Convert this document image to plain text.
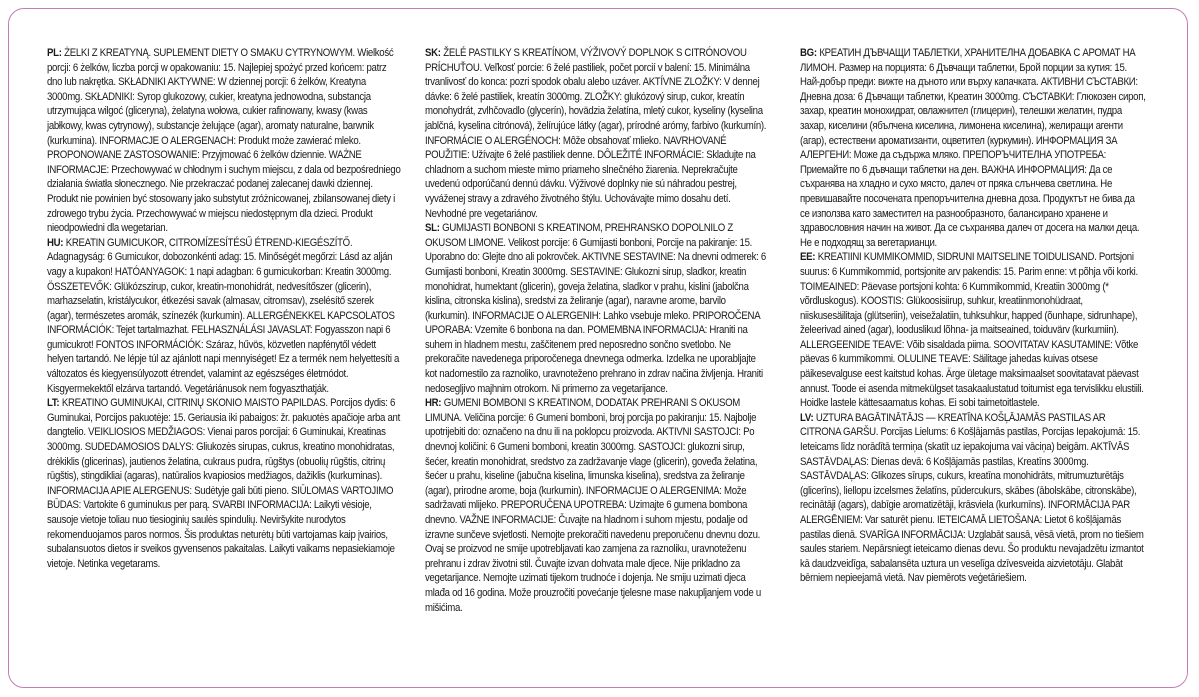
PL: ŻELKI Z KREATYNĄ. SUPLEMENT DIETY O SMAKU CYTRYNOWYM. Wielkość porcji: 6 żelków, liczba porcji w opakowaniu: 15. Najlepiej spożyć przed końcem: patrz dno lub nakrętka. SKŁADNIKI AKTYWNE: W dziennej porcji: 6 żelków, Kreatyna 3000mg. SKŁADNIKI: Syrop glukozowy, cukier, kreatyna jednowodna, substancja utrzymująca wilgoć (gliceryna), żelatyna wołowa, cukier rafinowany, kwasy (kwas jabłkowy, kwas cytrynowy), substancje żelujące (agar), aromaty naturalne, barwnik (kurkumina). INFORMACJE O ALERGENACH: Produkt może zawierać mleko. PROPONOWANE ZASTOSOWANIE: Przyjmować 6 żelków dziennie. WAŻNE INFORMACJE: Przechowywać w chłodnym i suchym miejscu, z dala od bezpośredniego działania światła słonecznego. Nie przekraczać podanej zalecanej dawki dziennej. Produkt nie powinien być stosowany jako substytut zróżnicowanej, zbilansowanej diety i zdrowego trybu życia. Przechowywać w miejscu niedostępnym dla dzieci. Produkt nieodpowiedni dla wegetarian.

HU: KREATIN GUMICUKOR, CITROMÍZESÍTÉSŰ ÉTREND-KIEGÉSZÍTŐ. Adagnagyság: 6 Gumicukor, dobozonkénti adag: 15. Minőségét megőrzi: Lásd az alján vagy a kupakon! HATÓANYAGOK: 1 napi adagban: 6 gumicukorban: Kreatin 3000mg. ÖSSZETEVŐK: Glükózszirup, cukor, kreatin-monohidrát, nedvesítőszer (glicerin), marhazselatin, kristálycukor, étkezési savak (almasav, citromsav), zselésítő szerek (agar), természetes aromák, színezék (kurkumin). ALLERGÉNEKKEL KAPCSOLATOS INFORMÁCIÓK: Tejet tartalmazhat. FELHASZNÁLÁSI JAVASLAT: Fogyasszon napi 6 gumicukrot! FONTOS INFORMÁCIÓK: Száraz, hűvös, közvetlen napfénytől védett helyen tartandó. Ne lépje túl az ajánlott napi mennyiséget! Ez a termék nem helyettesíti a változatos és kiegyensúlyozott étrendet, valamint az egészséges életmódot. Kisgyermekektől elzárva tartandó. Vegetáriánusok nem fogyaszthatják.

LT: KREATINO GUMINUKAI, CITRINŲ SKONIO MAISTO PAPILDAS. Porcijos dydis: 6 Guminukai, Porcijos pakuotėje: 15. Geriausia iki pabaigos: žr. pakuotės apačioje arba ant dangtelio. VEIKLIOSIOS MEDŽIAGOS: Vienai paros porcijai: 6 Guminukai, Kreatinas 3000mg. SUDEDAMOSIOS DALYS: Gliukozės sirupas, cukrus, kreatino monohidratas, drėkiklis (glicerinas), jautienos želatina, cukraus pudra, rūgštys (obuolių rūgštis, citrinų rūgštis), stingdikliai (agaras), natūralios kvapiosios medžiagos, dažiklis (kurkuminas). INFORMACIJA APIE ALERGENUS: Sudėtyje gali būti pieno. SIŪLOMAS VARTOJIMO BŪDAS: Vartokite 6 guminukus per parą. SVARBI INFORMACIJA: Laikyti vėsioje, sausoje vietoje toliau nuo tiesioginių saulės spindulių. Neviršykite nurodytos rekomenduojamos paros normos. Šis produktas neturėtų būti vartojamas kaip įvairios, subalansuotos dietos ir sveikos gyvensenos pakaitalas. Laikyti vaikams nepasiekiamoje vietoje. Netinka vegetarams.

SK: ŽELÉ PASTILKY S KREATÍNOM, VÝŽIVOVÝ DOPLNOK S CITRÓNOVOU PRÍCHUŤOU. Veľkosť porcie: 6 želé pastiliek, počet porcií v balení: 15. Minimálna trvanlivosť do konca: pozri spodok obalu alebo uzáver. AKTÍVNE ZLOŽKY: V dennej dávke: 6 želé pastiliek, kreatín 3000mg. ZLOŽKY: glukózový sirup, cukor, kreatín monohydrát, zvlhčovadlo (glycerín), hovädzia želatína, mletý cukor, kyseliny (kyselina jablčná, kyselina citrónová), želírujúce látky (agar), prírodné arómy, farbivo (kurkumín). INFORMÁCIE O ALERGÉNOCH: Môže obsahovať mlieko. NAVRHOVANÉ POUŽITIE: Užívajte 6 želé pastiliek denne. DÔLEŽITÉ INFORMÁCIE: Skladujte na chladnom a suchom mieste mimo priameho slnečného žiarenia. Neprekračujte uvedenú odporúčanú dennú dávku. Výživové doplnky nie sú náhradou pestrej, vyváženej stravy a zdravého životného štýlu. Uchovávajte mimo dosahu detí. Nevhodné pre vegetariánov.

SL: GUMIJASTI BONBONI S KREATINOM, PREHRANSKO DOPOLNILO Z OKUSOM LIMONE. Velikost porcije: 6 Gumijasti bonboni, Porcije na pakiranje: 15. Uporabno do: Glejte dno ali pokrovček. AKTIVNE SESTAVINE: Na dnevni odmerek: 6 Gumijasti bonboni, Kreatin 3000mg. SESTAVINE: Glukozni sirup, sladkor, kreatin monohidrat, humektant (glicerin), goveja želatina, sladkor v prahu, kislini (jabolčna kislina, citronska kislina), sredstvi za želiranje (agar), naravne arome, barvilo (kurkumin). INFORMACIJE O ALERGENIH: Lahko vsebuje mleko. PRIPOROČENA UPORABA: Vzemite 6 bonbona na dan. POMEMBNA INFORMACIJA: Hraniti na suhem in hladnem mestu, zaščitenem pred neposredno sončno svetlobo. Ne prekoračite navedenega priporočenega dnevnega odmerka. Izdelka ne uporabljajte kot nadomestilo za raznoliko, uravnoteženo prehrano in zdrav načina življenja. Hraniti nedosegljivo majhnim otrokom. Ni primerno za vegetarijance.

HR: GUMENI BOMBONI S KREATINOM, DODATAK PREHRANI S OKUSOM LIMUNA. Veličina porcije: 6 Gumeni bomboni, broj porcija po pakiranju: 15. Najbolje upotrijebiti do: označeno na dnu ili na poklopcu proizvoda. AKTIVNI SASTOJCI: Po dnevnoj količini: 6 Gumeni bomboni, kreatin 3000mg. SASTOJCI: glukozni sirup, šećer, kreatin monohidrat, sredstvo za zadržavanje vlage (glicerin), goveđa želatina, šećer u prahu, kiseline (jabučna kiselina, limunska kiselina), sredstva za želiranje (agar), prirodne arome, boja (kurkumin). INFORMACIJE O ALERGENIMA: Može sadržavati mlijeko. PREPORUČENA UPOTREBA: Uzimajte 6 gumena bombona dnevno. VAŽNE INFORMACIJE: Čuvajte na hladnom i suhom mjestu, podalje od izravne sunčeve svjetlosti. Nemojte prekoračiti navedenu preporučenu dnevnu dozu. Ovaj se proizvod ne smije upotrebljavati kao zamjena za raznoliku, uravnoteženu prehranu i zdrav životni stil. Čuvajte izvan dohvata male djece. Nije prikladno za vegetarijance. Nemojte uzimati tijekom trudnoće i dojenja. Ne smiju uzimati djeca mlađa od 16 godina. Može prouzročiti povećanje tjelesne mase nakupljanjem vode u mišićima.

BG: КРЕАТИН ДЪВЧАЩИ ТАБЛЕТКИ, ХРАНИТЕЛНА ДОБАВКА С АРОМАТ НА ЛИМОН. Размер на порцията: 6 Дъвчащи таблетки, Брой порции за кутия: 15. Най-добър преди: вижте на дъното или върху капачката. АКТИВНИ СЪСТАВКИ: Дневна доза: 6 Дъвчащи таблетки, Креатин 3000mg. СЪСТАВКИ: Глюкозен сироп, захар, креатин монохидрат, овлажнител (глицерин), телешки желатин, пудра захар, киселини (ябълчена киселина, лимонена киселина), желиращи агенти (агар), естествени ароматизанти, оцветител (куркумин). ИНФОРМАЦИЯ ЗА АЛЕРГЕНИ: Може да съдържа мляко. ПРЕПОРЪЧИТЕЛНА УПОТРЕБА: Приемайте по 6 дъвчащи таблетки на ден. ВАЖНА ИНФОРМАЦИЯ: Да се съхранява на хладно и сухо място, далеч от пряка слънчева светлина. Не превишавайте посочената препоръчителна дневна доза. Продуктът не бива да се използва като заместител на разнообразното, балансирано хранене и здравословния начин на живот. Да се съхранява далеч от досега на малки деца. Не е подходящ за вегетарианци.

EE: KREATIINI KUMMIKOMMID, SIDRUNI MAITSELINE TOIDULISAND. Portsjoni suurus: 6 Kummikommid, portsjonite arv pakendis: 15. Parim enne: vt põhja või korki. TOIMEAINED: Päevase portsjoni kohta: 6 Kummikommid, Kreatiin 3000mg (* võrdluskogus). KOOSTIS: Glükoosisiirup, suhkur, kreatiinmonohüdraat, niiskusesäilitaja (glütseriin), veisežalatiin, tuhksuhkur, happed (õunhape, sidrunhape), želeerivad ained (agar), looduslikud lõhna- ja maitseained, toiduvärv (kurkumiin). ALLERGEENIDE TEAVE: Võib sisaldada piima. SOOVITATAV KASUTAMINE: Võtke päevas 6 kummikommi. OLULINE TEAVE: Säilitage jahedas kuivas otsese päikesevalguse eest kaitstud kohas. Ärge ületage maksimaalset soovitatavat päevast annust. Toode ei asenda mitmekülgset tasakaalustatud toitumist ega tervislikku elustiili. Hoidke lastele kättesaamatus kohas. Ei sobi taimetoitlastele.

LV: UZTURA BAGĀTINĀTĀJS — KREATĪNA KOŠĻĀJAMĀS PASTILAS AR CITRONA GARŠU. Porcijas Lielums: 6 Košļājamās pastilas, Porcijas Iepakojumā: 15. Ieteicams līdz norādītā termiņa (skatīt uz iepakojuma vai vāciņa) beigām. AKTĪVĀS SASTĀVDAĻAS: Dienas devā: 6 Košļājamās pastilas, Kreatīns 3000mg. SASTĀVDAĻAS: Glikozes sīrups, cukurs, kreatīna monohidrāts, mitrumuzturētājs (glicerīns), liellopu izcelsmes želatīns, pūdercukurs, skābes (ābolskābe, citronskābe), recinātāji (agars), dabīgie aromatizētāji, krāsviela (kurkumīns). INFORMĀCIJA PAR ALERGĒNIEM: Var saturēt pienu. IETEICAMĀ LIETOŠANA: Lietot 6 košļājamās pastilas dienā. SVARĪGA INFORMĀCIJA: Uzglabāt sausā, vēsā vietā, prom no tiešiem saules stariem. Nepārsniegt ieteicamo dienas devu. Šo produktu nevajadzētu izmantot kā daudzveidīga, sabalansēta uztura un veselīga dzīvesveida aizvietotāju. Glabāt bērniem nepieejamā vietā. Nav piemērots veģetāriešiem.
